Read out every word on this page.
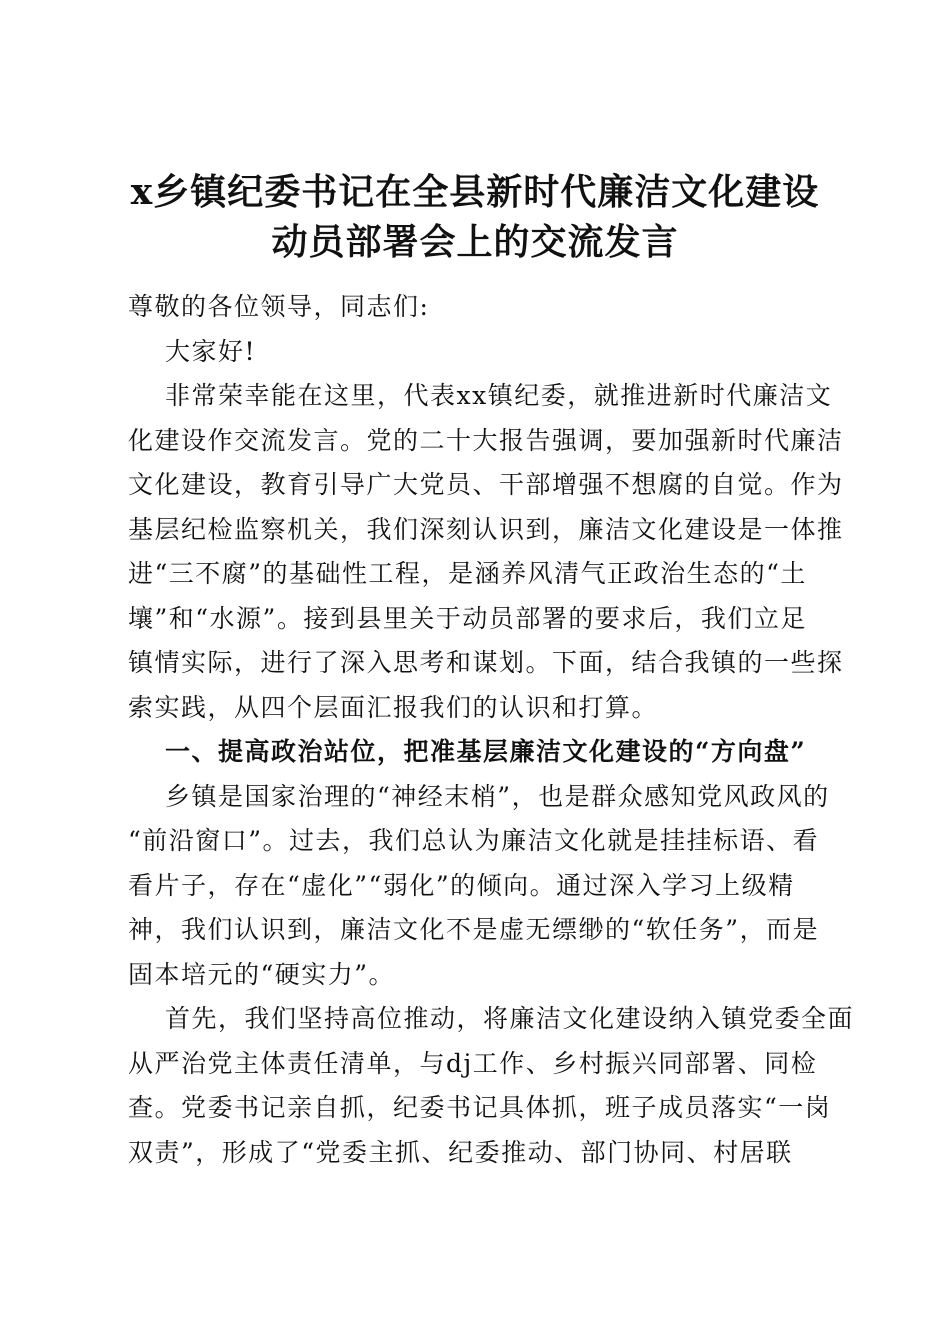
x乡镇纪委书记在全县新时代廉洁文化建设
动员部署会上的交流发言
尊敬的各位领导，同志们:
大家好!
非常荣幸能在这里，代表xx镇纪委，就推进新时代廉洁文
化建设作交流发言。党的二十大报告强调，要加强新时代廉洁
文化建设，教育引导广大党员、干部增强不想腐的自觉。作为
基层纪检监察机关，我们深刻认识到，廉洁文化建设是一体推
进“三不腐”的基础性工程，是涵养风清气正政治生态的“土
壤”和“水源”。接到县里关于动员部署的要求后，我们立足
镇情实际，进行了深入思考和谋划。下面，结合我镇的一些探
索实践，从四个层面汇报我们的认识和打算。
一、提高政治站位，把准基层廉洁文化建设的“方向盘”
乡镇是国家治理的“神经末梢”，也是群众感知党风政风的
“前沿窗口”。过去，我们总认为廉洁文化就是挂挂标语、看
看片子，存在“虚化”“弱化”的倾向。通过深入学习上级精
神，我们认识到，廉洁文化不是虚无缥缈的“软任务”，而是
固本培元的“硬实力”。
首先，我们坚持高位推动，将廉洁文化建设纳入镇党委全面
从严治党主体责任清单，与dj工作、乡村振兴同部署、同检
查。党委书记亲自抓，纪委书记具体抓，班子成员落实“一岗
双责”，形成了“党委主抓、纪委推动、部门协同、村居联
